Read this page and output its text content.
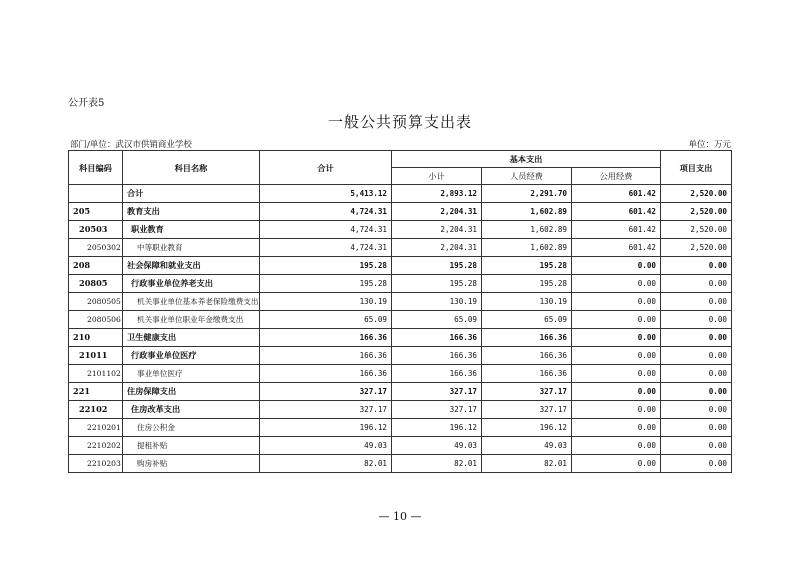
公开表5
一般公共预算支出表
部门/单位：武汉市供销商业学校	单位：万元
科目编码	科目名称	合计	基本支出			项目支出
			小计	人员经费	公用经费	
	合计	5,413.12	2,893.12	2,291.70	601.42	2,520.00
205	教育支出	4,724.31	2,204.31	1,602.89	601.42	2,520.00
20503	职业教育	4,724.31	2,204.31	1,602.89	601.42	2,520.00
2050302	中等职业教育	4,724.31	2,204.31	1,602.89	601.42	2,520.00
208	社会保障和就业支出	195.28	195.28	195.28	0.00	0.00
20805	行政事业单位养老支出	195.28	195.28	195.28	0.00	0.00
2080505	机关事业单位基本养老保险缴费支出	130.19	130.19	130.19	0.00	0.00
2080506	机关事业单位职业年金缴费支出	65.09	65.09	65.09	0.00	0.00
210	卫生健康支出	166.36	166.36	166.36	0.00	0.00
21011	行政事业单位医疗	166.36	166.36	166.36	0.00	0.00
2101102	事业单位医疗	166.36	166.36	166.36	0.00	0.00
221	住房保障支出	327.17	327.17	327.17	0.00	0.00
22102	住房改革支出	327.17	327.17	327.17	0.00	0.00
2210201	住房公积金	196.12	196.12	196.12	0.00	0.00
2210202	提租补贴	49.03	49.03	49.03	0.00	0.00
2210203	购房补贴	82.01	82.01	82.01	0.00	0.00
— 10 —
